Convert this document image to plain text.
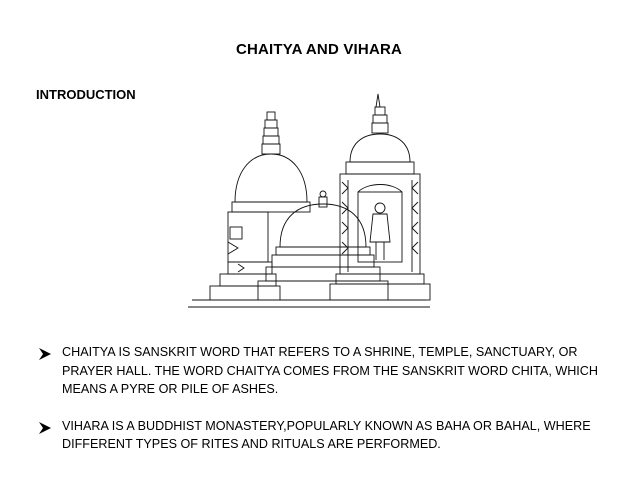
CHAITYA AND VIHARA
INTRODUCTION
CHAITYA IS SANSKRIT WORD THAT REFERS TO A SHRINE, TEMPLE, SANCTUARY, OR PRAYER HALL. THE WORD CHAITYA COMES FROM THE SANSKRIT WORD CHITA, WHICH MEANS A PYRE OR PILE OF ASHES.
VIHARA IS A BUDDHIST MONASTERY,POPULARLY KNOWN AS BAHA OR BAHAL, WHERE DIFFERENT TYPES OF RITES AND RITUALS ARE PERFORMED.
